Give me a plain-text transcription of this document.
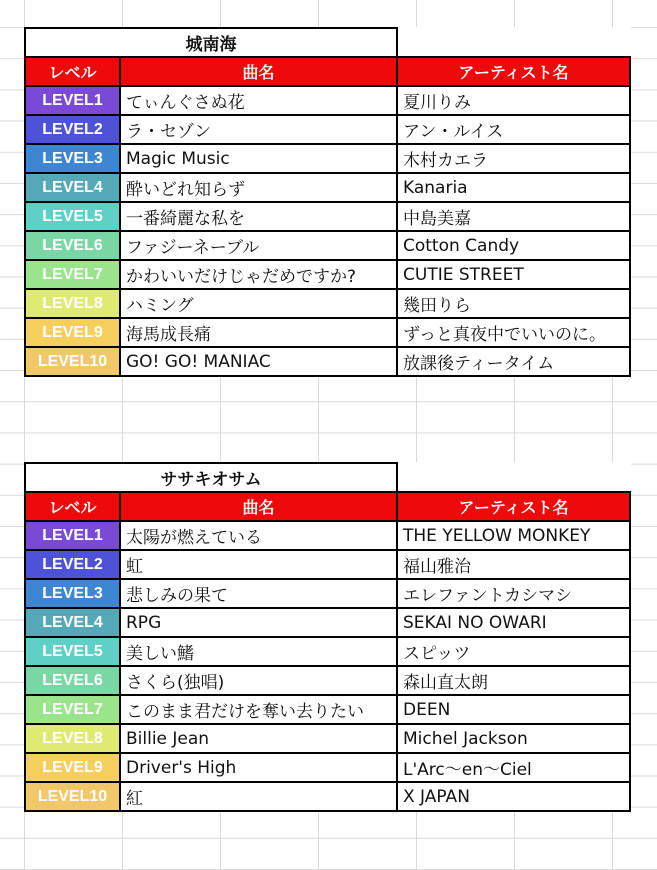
城南海		
レベル	曲名	アーティスト名
LEVEL1	てぃんぐさぬ花	夏川りみ
LEVEL2	ラ・セゾン	アン・ルイス
LEVEL3	Magic Music	木村カエラ
LEVEL4	酔いどれ知らず	Kanaria
LEVEL5	一番綺麗な私を	中島美嘉
LEVEL6	ファジーネーブル	Cotton Candy
LEVEL7	かわいいだけじゃだめですか?	CUTIE STREET
LEVEL8	ハミング	幾田りら
LEVEL9	海馬成長痛	ずっと真夜中でいいのに。
LEVEL10	GO! GO! MANIAC	放課後ティータイム
ササキオサム		
レベル	曲名	アーティスト名
LEVEL1	太陽が燃えている	THE YELLOW MONKEY
LEVEL2	虹	福山雅治
LEVEL3	悲しみの果て	エレファントカシマシ
LEVEL4	RPG	SEKAI NO OWARI
LEVEL5	美しい鰭	スピッツ
LEVEL6	さくら(独唱)	森山直太朗
LEVEL7	このまま君だけを奪い去りたい	DEEN
LEVEL8	Billie Jean	Michel Jackson
LEVEL9	Driver's High	L'Arc〜en〜Ciel
LEVEL10	紅	X JAPAN
